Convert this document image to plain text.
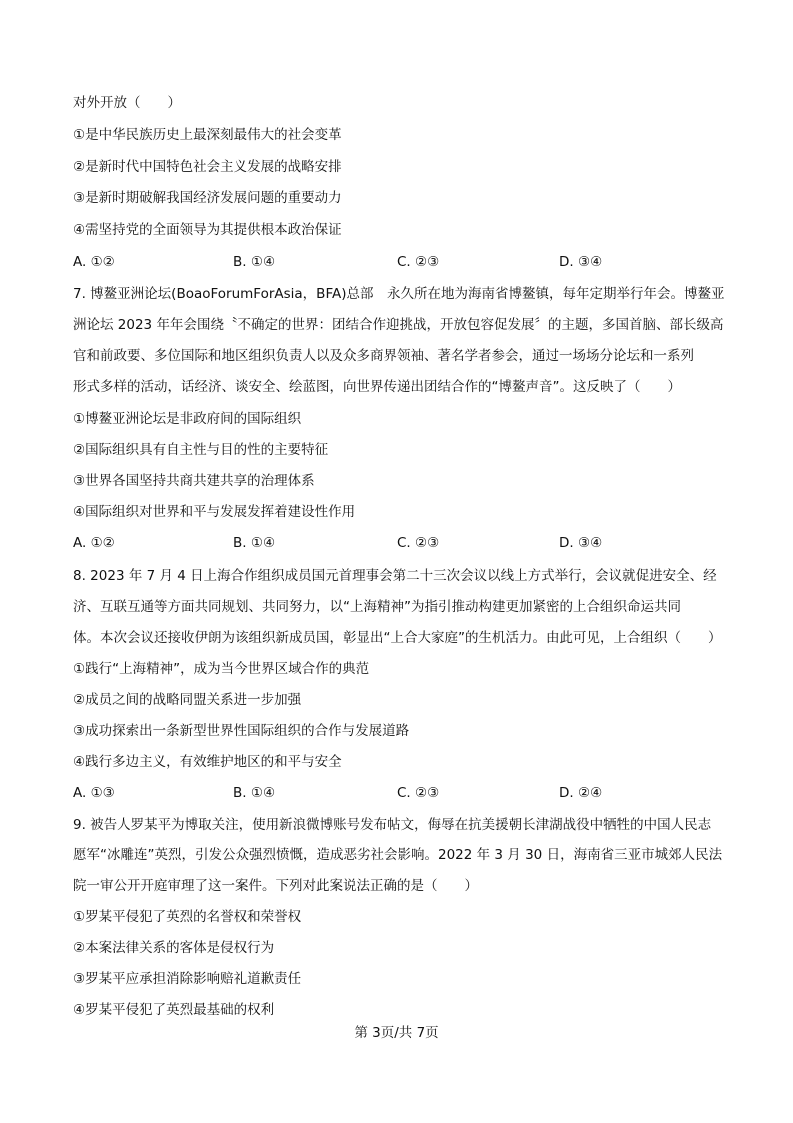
对外开放（　　）
①是中华民族历史上最深刻最伟大的社会变革
②是新时代中国特色社会主义发展的战略安排
③是新时期破解我国经济发展问题的重要动力
④需坚持党的全面领导为其提供根本政治保证
A. ①②	B. ①④	C. ②③	D. ③④
7. 博鳌亚洲论坛(BoaoForumForAsia，BFA)总部　永久所在地为海南省博鳌镇，每年定期举行年会。博鳌亚
洲论坛 2023 年年会围绕〝不确定的世界：团结合作迎挑战，开放包容促发展〞的主题，多国首脑、部长级高
官和前政要、多位国际和地区组织负责人以及众多商界领袖、著名学者参会，通过一场场分论坛和一系列
形式多样的活动，话经济、谈安全、绘蓝图，向世界传递出团结合作的“博鳌声音”。这反映了（　　）
①博鳌亚洲论坛是非政府间的国际组织
②国际组织具有自主性与目的性的主要特征
③世界各国坚持共商共建共享的治理体系
④国际组织对世界和平与发展发挥着建设性作用
A. ①②	B. ①④	C. ②③	D. ③④
8. 2023 年 7 月 4 日上海合作组织成员国元首理事会第二十三次会议以线上方式举行，会议就促进安全、经
济、互联互通等方面共同规划、共同努力，以“上海精神”为指引推动构建更加紧密的上合组织命运共同
体。本次会议还接收伊朗为该组织新成员国，彰显出“上合大家庭”的生机活力。由此可见，上合组织（　　）
①践行“上海精神”，成为当今世界区域合作的典范
②成员之间的战略同盟关系进一步加强
③成功探索出一条新型世界性国际组织的合作与发展道路
④践行多边主义，有效维护地区的和平与安全
A. ①③	B. ①④	C. ②③	D. ②④
9. 被告人罗某平为博取关注，使用新浪微博账号发布帖文，侮辱在抗美援朝长津湖战役中牺牲的中国人民志
愿军“冰雕连”英烈，引发公众强烈愤慨，造成恶劣社会影响。2022 年 3 月 30 日，海南省三亚市城郊人民法
院一审公开开庭审理了这一案件。下列对此案说法正确的是（　　）
①罗某平侵犯了英烈的名誉权和荣誉权
②本案法律关系的客体是侵权行为
③罗某平应承担消除影响赔礼道歉责任
④罗某平侵犯了英烈最基础的权利
第 3页/共 7页
